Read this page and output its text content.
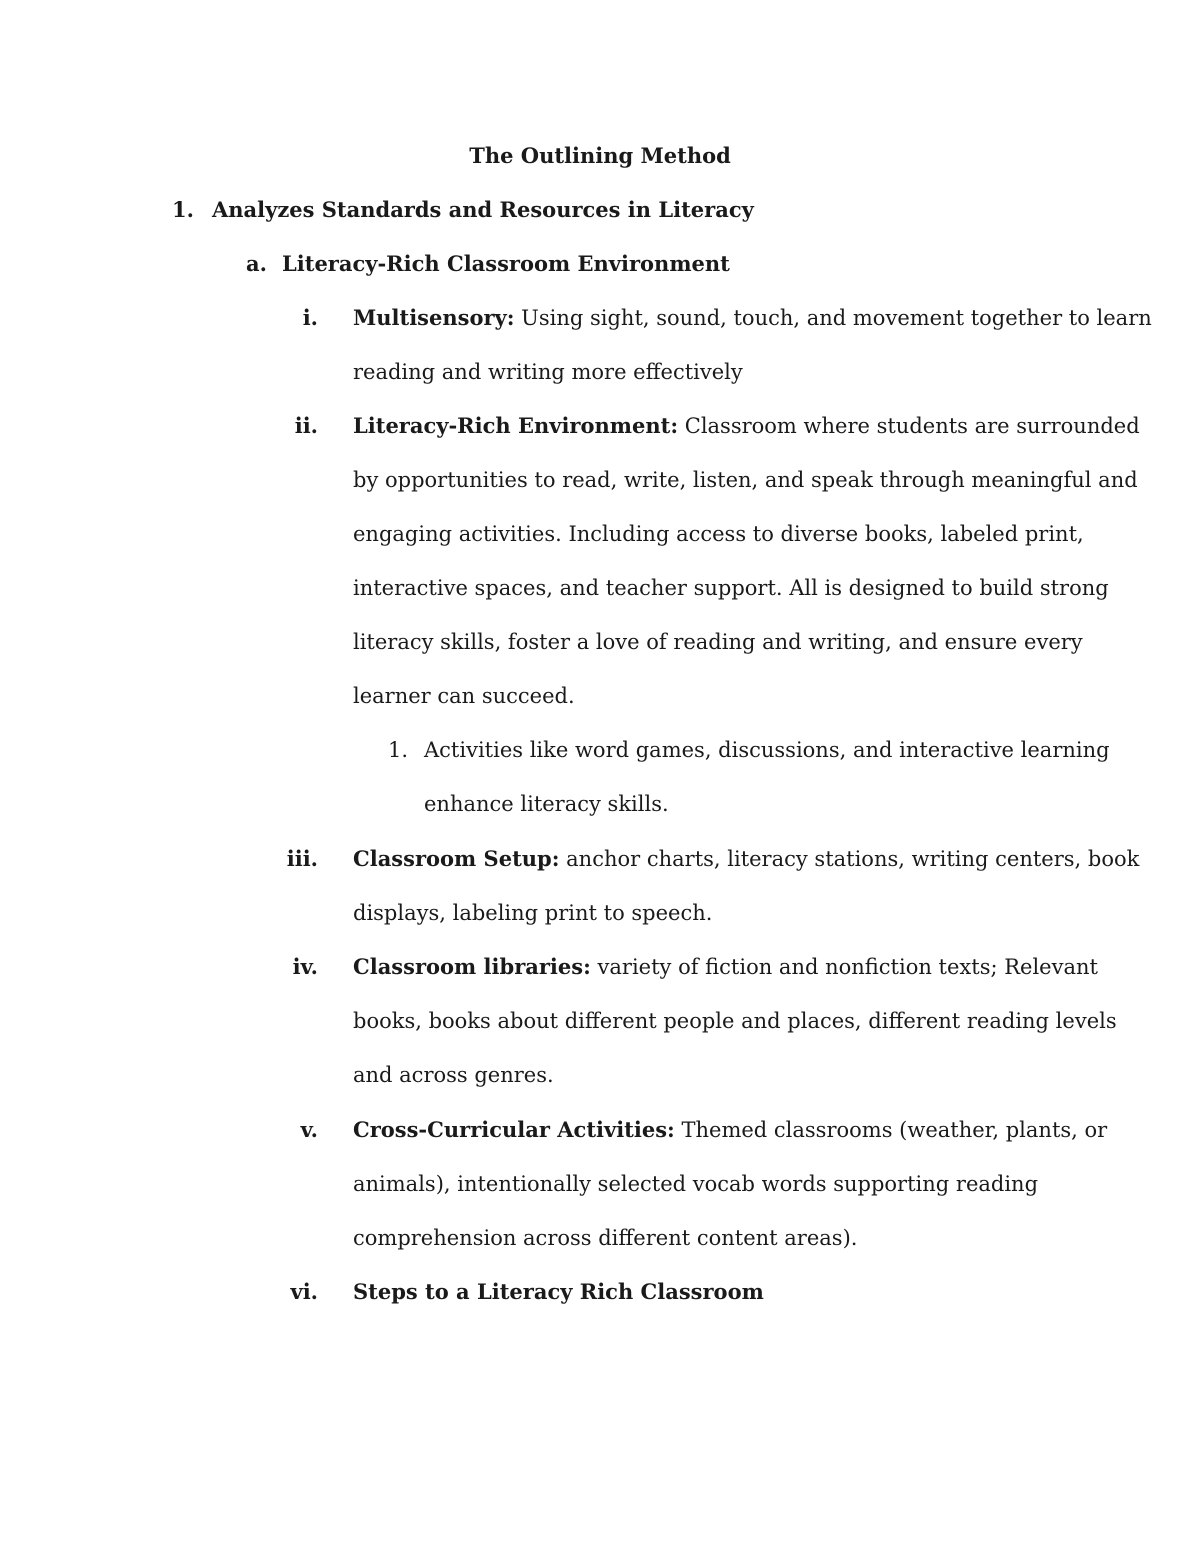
The Outlining Method
1. Analyzes Standards and Resources in Literacy
a. Literacy-Rich Classroom Environment
i. Multisensory: Using sight, sound, touch, and movement together to learn
reading and writing more effectively
ii. Literacy-Rich Environment: Classroom where students are surrounded
by opportunities to read, write, listen, and speak through meaningful and
engaging activities. Including access to diverse books, labeled print,
interactive spaces, and teacher support. All is designed to build strong
literacy skills, foster a love of reading and writing, and ensure every
learner can succeed.
1. Activities like word games, discussions, and interactive learning
enhance literacy skills.
iii. Classroom Setup: anchor charts, literacy stations, writing centers, book
displays, labeling print to speech.
iv. Classroom libraries: variety of fiction and nonfiction texts; Relevant
books, books about different people and places, different reading levels
and across genres.
v. Cross-Curricular Activities: Themed classrooms (weather, plants, or
animals), intentionally selected vocab words supporting reading
comprehension across different content areas).
vi. Steps to a Literacy Rich Classroom
